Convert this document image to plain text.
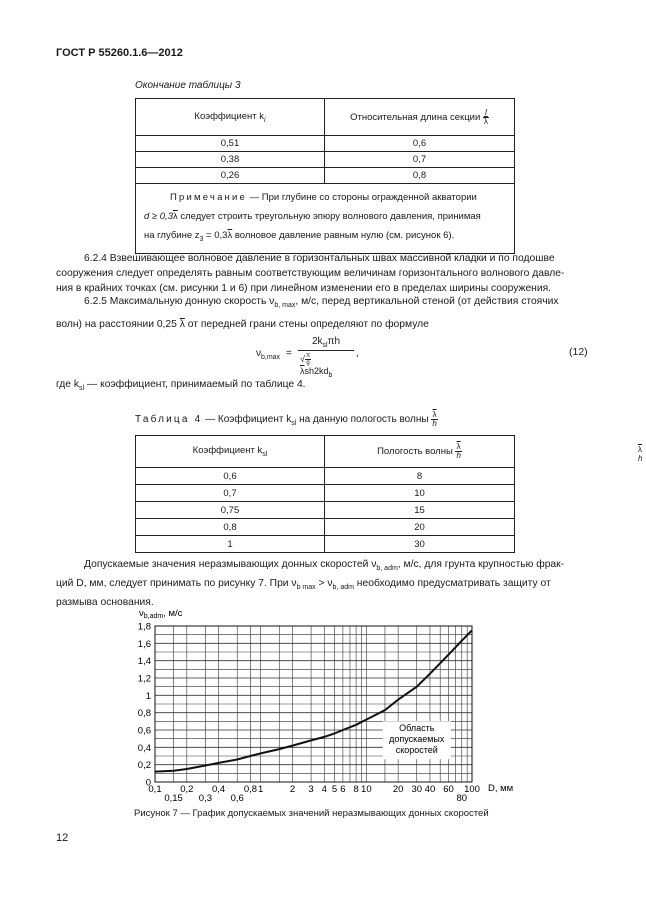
ГОСТ Р 55260.1.6—2012
Окончание таблицы 3
Коэффициент $k_i$	Относительная длина секции $\frac{l}{\lambda}$

0,51	0,6
0,38	0,7
0,26	0,8

Примечание — При глубине со стороны огражденной акватории
$d \ge 0,3\overline{\lambda}$ следует строить треугольную эпюру волнового давления, принимая
на глубине $z_3 = 0,3\overline{\lambda}$ волновое давление равным нулю (см. рисунок 6).	
6.2.4 Взвешивающее волновое давление в горизонтальных швах массивной кладки и по подошве
сооружения следует определять равным соответствующим величинам горизонтального волнового давле-
ния в крайних точках (см. рисунки 1 и 6) при линейном изменении его в пределах ширины сооружения.
6.2.5 Максимальную донную скорость $\nu_{b, max}$, м/с, перед вертикальной стеной (от действия стоячих
волн) на расстоянии 0,25 $\overline{\lambda}$ от передней грани стены определяют по формуле
$\nu_{b,max}$ =
$2k_{sl}\pi h$
√ $\frac{\pi}{g}$
$\overline{\lambda}sh2kd_b$
,	(12)
где $k_{sl}$ — коэффициент, принимаемый по таблице 4.
Таблица 4 — Коэффициент $k_{sl}$ на данную пологость волны $\frac{\overline{\lambda}}{h}$
Коэффициент $k_{sl}$	Пологость волны $\frac{\overline{\lambda}}{h}$

0,6	8
0,7	10
0,75	15
0,8	20
1	30
Допускаемые значения неразмывающих донных скоростей $\nu_{b, adm}$, м/с, для грунта крупностью фрак-
ций D, мм, следует принимать по рисунку 7. При $\nu_{b max} > \nu_{b, adm}$ необходимо предусматривать защиту от
размыва основания.
0
0,2
0,4
0,6
0,8
1
1,2
1,4
1,6
1,8
0,1 0,2 0,4 0,8 1	2 3 4 5 6 8 10 20 30 40 60 100
0,15 0,3 0,6	80
$\nu_{b,adm}$, м/с
D, мм
Область
допускаемых
скоростей
Рисунок 7 — График допускаемых значений неразмывающих донных скоростей
12
$\overline{\lambda}$
h
